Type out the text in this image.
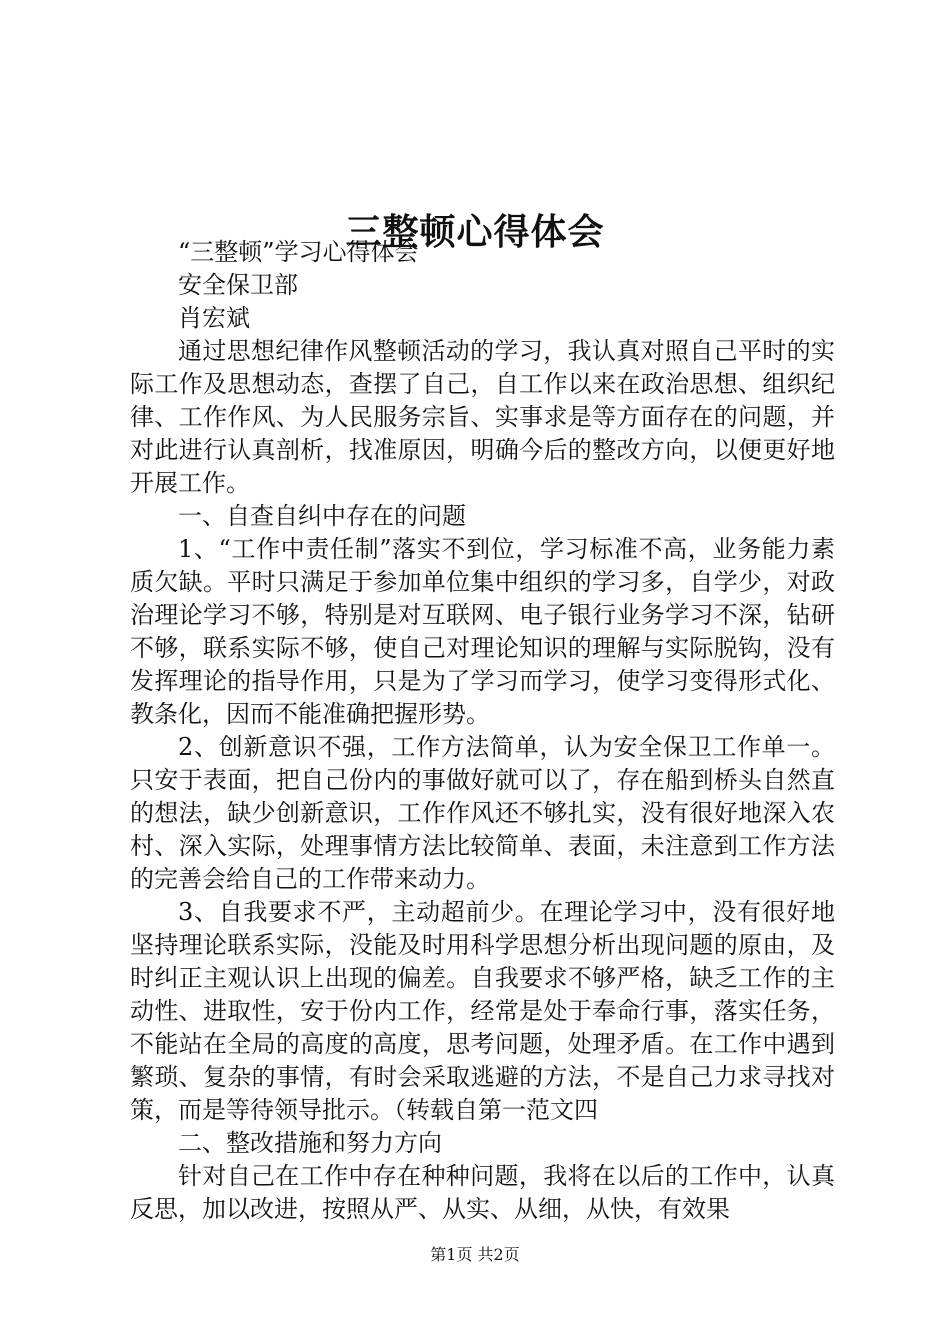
三整顿心得体会

“三整顿”学习心得体会

安全保卫部

肖宏斌

通过思想纪律作风整顿活动的学习，我认真对照自己平时的实际工作及思想动态，查摆了自己，自工作以来在政治思想、组织纪律、工作作风、为人民服务宗旨、实事求是等方面存在的问题，并对此进行认真剖析，找准原因，明确今后的整改方向，以便更好地开展工作。

一、自查自纠中存在的问题

1、“工作中责任制”落实不到位，学习标准不高，业务能力素质欠缺。平时只满足于参加单位集中组织的学习多，自学少，对政治理论学习不够，特别是对互联网、电子银行业务学习不深，钻研不够，联系实际不够，使自己对理论知识的理解与实际脱钩，没有发挥理论的指导作用，只是为了学习而学习，使学习变得形式化、教条化，因而不能准确把握形势。

2、创新意识不强，工作方法简单，认为安全保卫工作单一。只安于表面，把自己份内的事做好就可以了，存在船到桥头自然直的想法，缺少创新意识，工作作风还不够扎实，没有很好地深入农村、深入实际，处理事情方法比较简单、表面，未注意到工作方法的完善会给自己的工作带来动力。

3、自我要求不严，主动超前少。在理论学习中，没有很好地坚持理论联系实际，没能及时用科学思想分析出现问题的原由，及时纠正主观认识上出现的偏差。自我要求不够严格，缺乏工作的主动性、进取性，安于份内工作，经常是处于奉命行事，落实任务，不能站在全局的高度的高度，思考问题，处理矛盾。在工作中遇到繁琐、复杂的事情，有时会采取逃避的方法，不是自己力求寻找对策，而是等待领导批示。（转载自第一范文四

二、整改措施和努力方向

针对自己在工作中存在种种问题，我将在以后的工作中，认真反思，加以改进，按照从严、从实、从细，从快，有效果

第1页 共2页
